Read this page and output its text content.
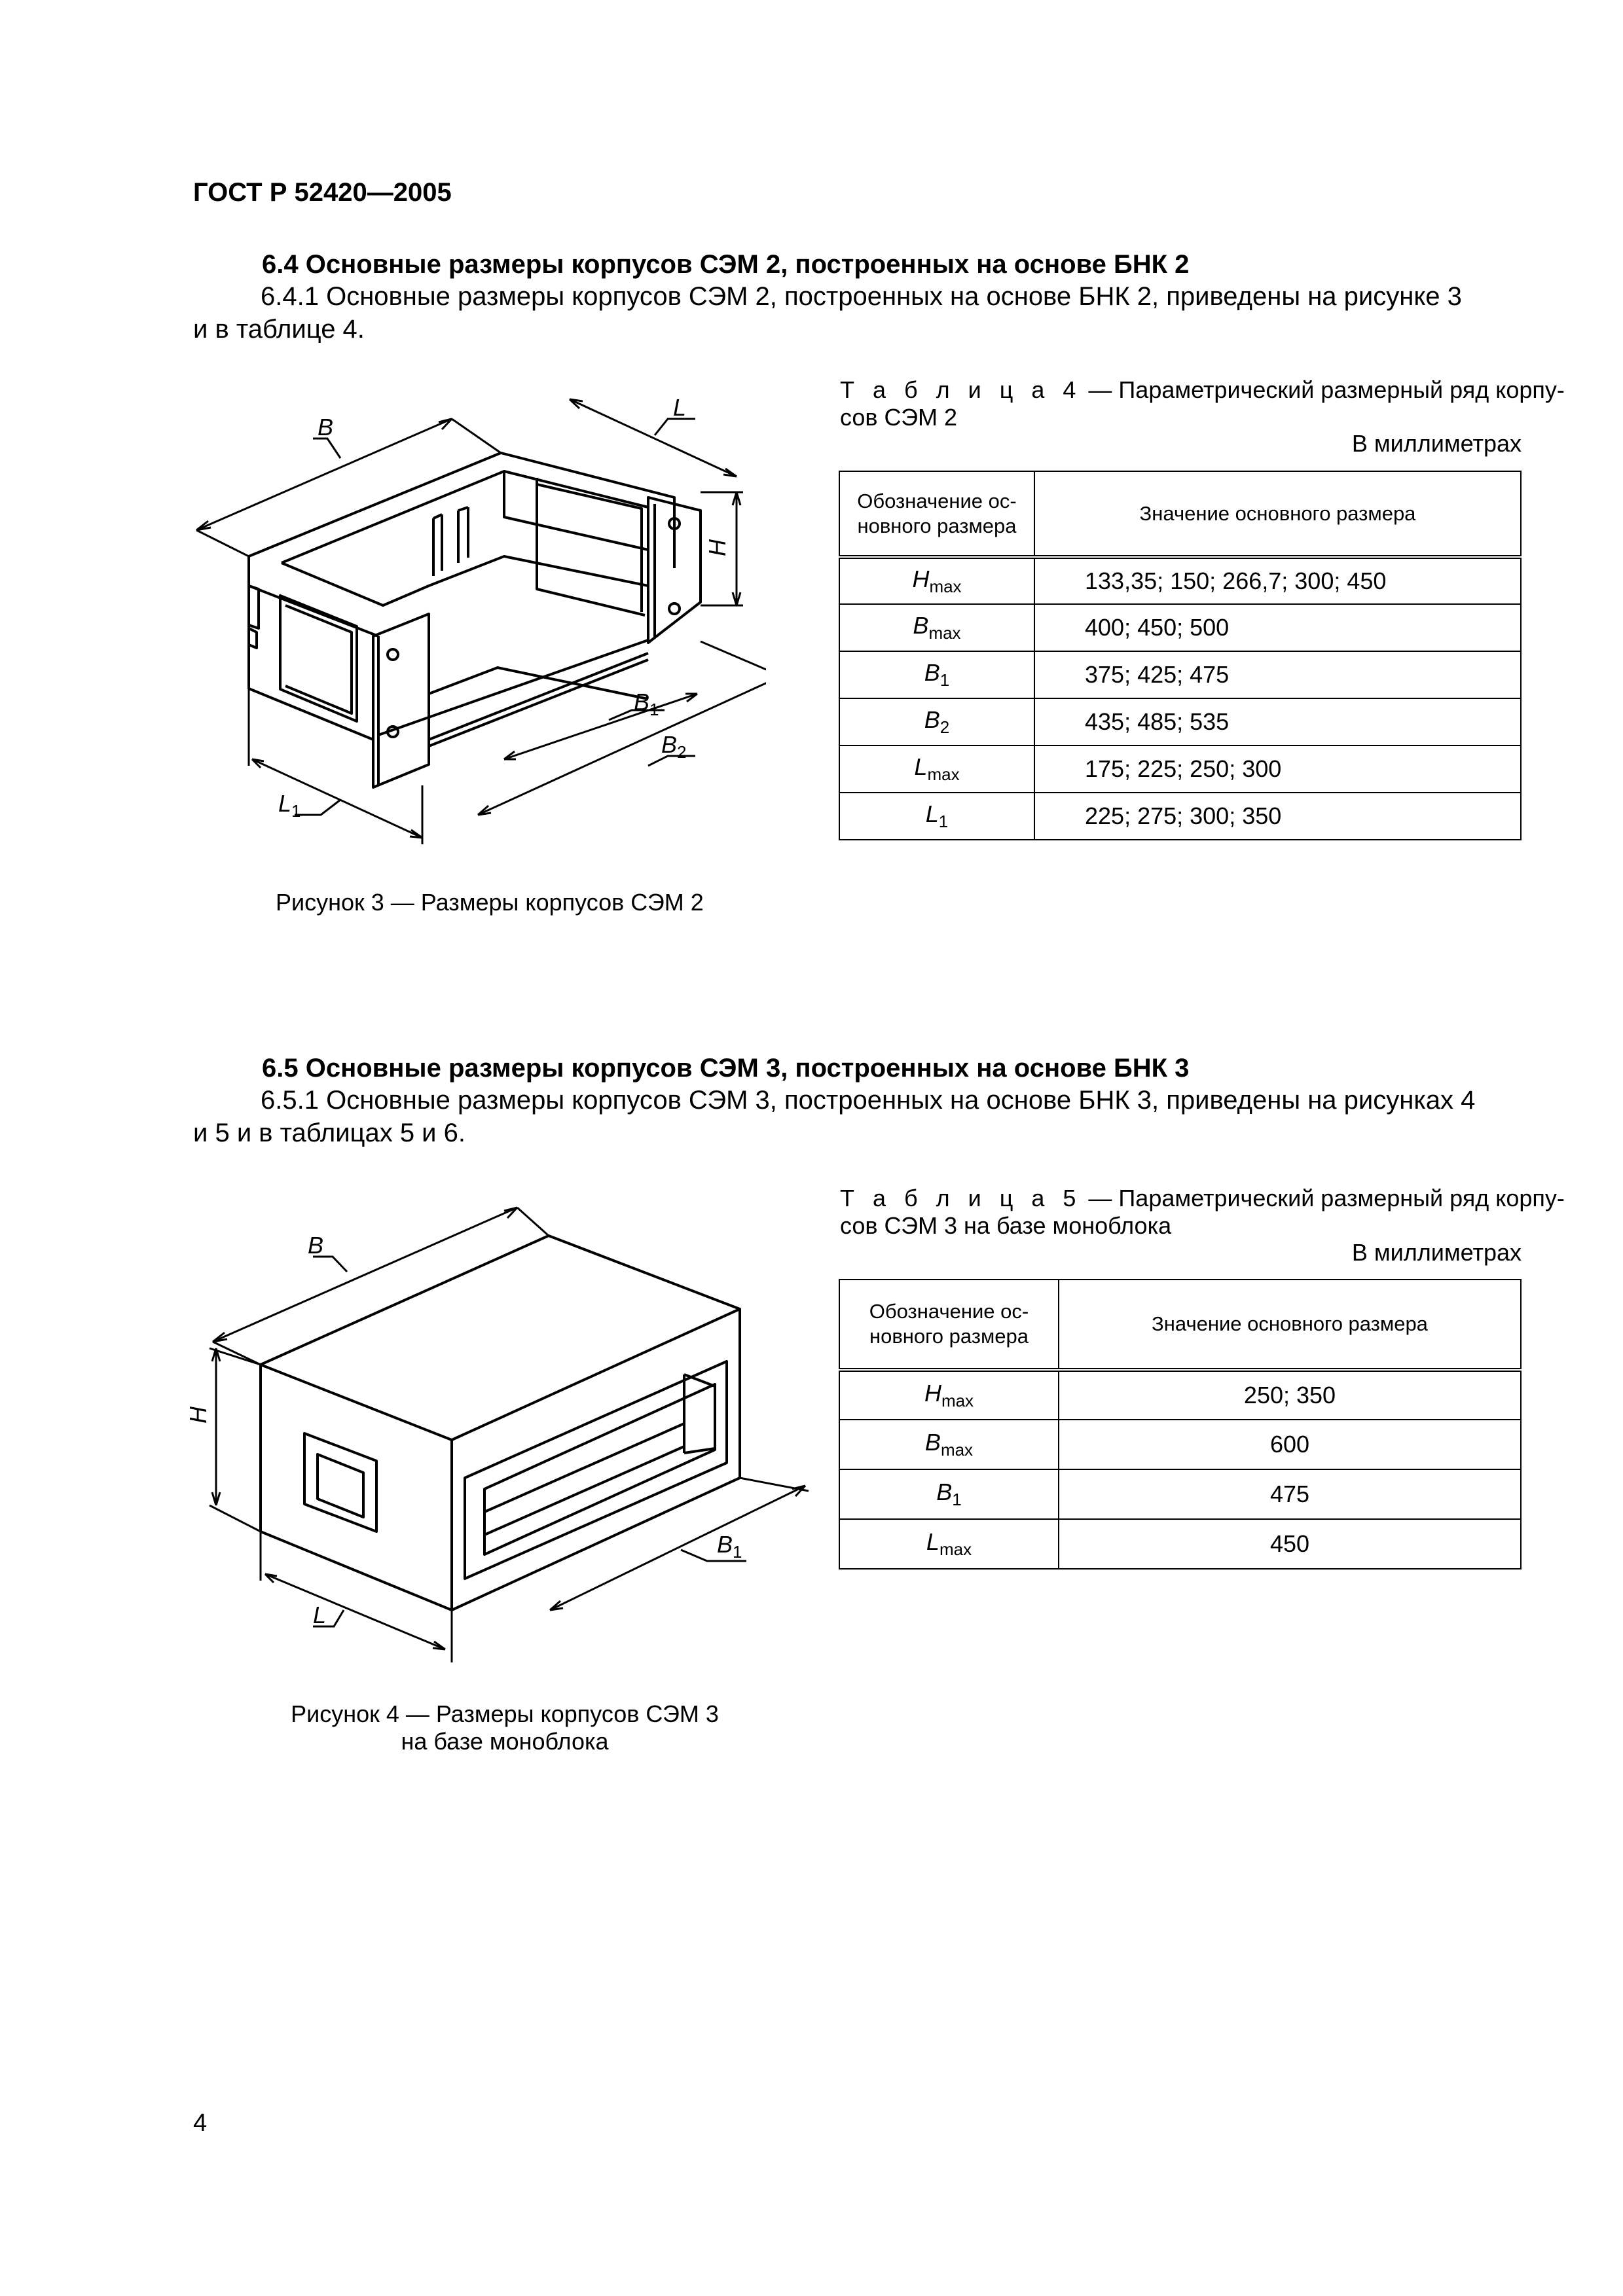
ГОСТ Р 52420—2005
6.4 Основные размеры корпусов СЭМ 2, построенных на основе БНК 2
6.4.1 Основные размеры корпусов СЭМ 2, построенных на основе БНК 2, приведены на рисунке 3
и в таблице 4.
Т а б л и ц а 4 — Параметрический размерный ряд корпу-
сов СЭМ 2
В миллиметрах
Обозначение ос-
новного размера	Значение основного размера
$H_{max}$	133,35; 150; 266,7; 300; 450
$B_{max}$	400; 450; 500
$B_1$	375; 425; 475
$B_2$	435; 485; 535
$L_{max}$	175; 225; 250; 300
$L_1$	225; 275; 300; 350
B
L
H
$B_1$
$B_2$
$L_1$
Рисунок 3 — Размеры корпусов СЭМ 2
6.5 Основные размеры корпусов СЭМ 3, построенных на основе БНК 3
6.5.1 Основные размеры корпусов СЭМ 3, построенных на основе БНК 3, приведены на рисунках 4
и 5 и в таблицах 5 и 6.
Т а б л и ц а 5 — Параметрический размерный ряд корпу-
сов СЭМ 3 на базе моноблока
В миллиметрах
Обозначение ос-
новного размера	Значение основного размера
$H_{max}$	250; 350
$B_{max}$	600
$B_1$	475
$L_{max}$	450
B
H
L
$B_1$
Рисунок 4 — Размеры корпусов СЭМ 3
на базе моноблока
4
